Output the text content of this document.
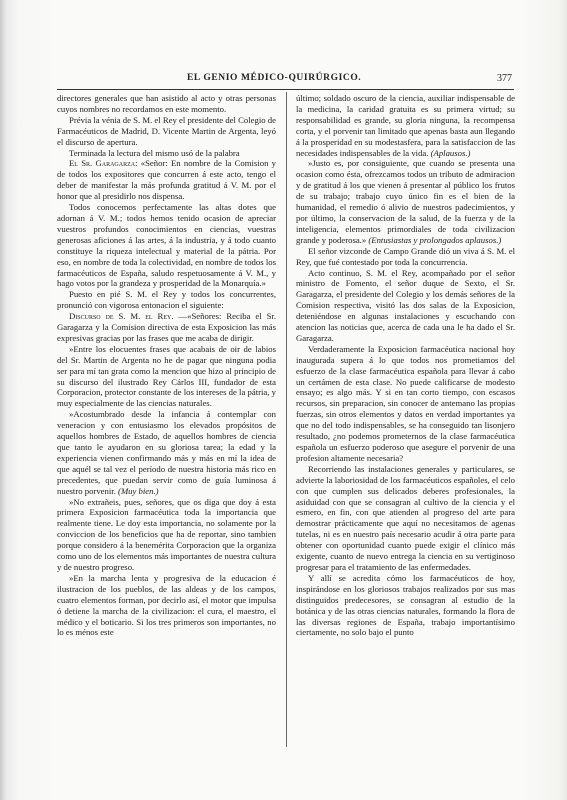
EL GENIO MÉDICO-QUIRÚRGICO.	377

directores generales que han asistido al acto y otras personas cuyos nombres no recordamos en este momento.

Prévia la vénia de S. M. el Rey el presidente del Colegio de Farmacéuticos de Madrid, D. Vicente Martin de Argenta, leyó el discurso de apertura.

Terminada la lectura del mismo usó de la palabra

El Sr. Garagarza: «Señor: En nombre de la Comision y de todos los expositores que concurren á este acto, tengo el deber de manifestar la más profunda gratitud á V. M. por el honor que al presidirlo nos dispensa.

Todos conocemos perfectamente las altas dotes que adornan á V. M.; todos hemos tenido ocasion de apreciar vuestros profundos conocimientos en ciencias, vuestras generosas aficiones á las artes, á la industria, y á todo cuanto constituye la riqueza intelectual y material de la pátria. Por eso, en nombre de toda la colectividad, en nombre de todos los farmacéuticos de España, saludo respetuosamente á V. M., y hago votos por la grandeza y prosperidad de la Monarquía.»

Puesto en pié S. M. el Rey y todos los concurrentes, pronunció con vigorosa entonacion el siguiente:

Discurso de S. M. el Rey. —«Señores: Reciba el Sr. Garagarza y la Comision directiva de esta Exposicion las más expresivas gracias por las frases que me acaba de dirigir.

»Entre los elocuentes frases que acabais de oir de labios del Sr. Martin de Argenta no he de pagar que ninguna podia ser para mí tan grata como la mencion que hizo al principio de su discurso del ilustrado Rey Cárlos III, fundador de esta Corporacion, protector constante de los intereses de la pátria, y muy especialmente de las ciencias naturales.

»Acostumbrado desde la infancia á contemplar con veneracion y con entusiasmo los elevados propósitos de aquellos hombres de Estado, de aquellos hombres de ciencia que tanto le ayudaron en su gloriosa tarea; la edad y la experiencia vienen confirmando más y más en mí la idea de que aquél se tal vez el período de nuestra historia más rico en precedentes, que puedan servir como de guía luminosa á nuestro porvenir. (Muy bien.)

»No extrañeis, pues, señores, que os diga que doy á esta primera Exposicion farmacéutica toda la importancia que realmente tiene. Le doy esta importancia, no solamente por la conviccion de los beneficios que ha de reportar, sino tambien porque considero á la benemérita Corporacion que la organiza como uno de los elementos más importantes de nuestra cultura y de nuestro progreso.

»En la marcha lenta y progresiva de la educacion é ilustracion de los pueblos, de las aldeas y de los campos, cuatro elementos forman, por decirlo así, el motor que impulsa ó detiene la marcha de la civilizacion: el cura, el maestro, el médico y el boticario. Si los tres primeros son importantes, no lo es ménos este

último; soldado oscuro de la ciencia, auxiliar indispensable de la medicina, la caridad gratuita es su primera virtud; su responsabilidad es grande, su gloria ninguna, la recompensa corta, y el porvenir tan limitado que apenas basta aun llegando á la prosperidad en su modestasfera, para la satisfaccion de las necesidades indispensables de la vida. (Aplausos.)

»Justo es, por consiguiente, que cuando se presenta una ocasion como ésta, ofrezcamos todos un tributo de admiracion y de gratitud á los que vienen á presentar al público los frutos de su trabajo; trabajo cuyo único fin es el bien de la humanidad, el remedio ó alivio de nuestros padecimientos, y por último, la conservacion de la salud, de la fuerza y de la inteligencia, elementos primordiales de toda civilizacion grande y poderosa.» (Entusiastas y prolongados aplausos.)

El señor vizconde de Campo Grande dió un viva á S. M. el Rey, que fué contestado por toda la concurrencia.

Acto continuo, S. M. el Rey, acompañado por el señor ministro de Fomento, el señor duque de Sexto, el Sr. Garagarza, el presidente del Colegio y los demás señores de la Comision respectiva, visitó las dos salas de la Exposicion, deteniéndose en algunas instalaciones y escuchando con atencion las noticias que, acerca de cada una le ha dado el Sr. Garagarza.

Verdaderamente la Exposicion farmacéutica nacional hoy inaugurada supera á lo que todos nos prometiamos del esfuerzo de la clase farmacéutica española para llevar á cabo un certámen de esta clase. No puede calificarse de modesto ensayo; es algo más. Y si en tan corto tiempo, con escasos recursos, sin preparacion, sin conocer de antemano las propias fuerzas, sin otros elementos y datos en verdad importantes ya que no del todo indispensables, se ha conseguido tan lisonjero resultado, ¿no podemos prometernos de la clase farmacéutica española un esfuerzo poderoso que asegure el porvenir de una profesion altamente necesaria?

Recorriendo las instalaciones generales y particulares, se advierte la laboriosidad de los farmacéuticos españoles, el celo con que cumplen sus delicados deberes profesionales, la asiduidad con que se consagran al cultivo de la ciencia y el esmero, en fin, con que atienden al progreso del arte para demostrar prácticamente que aquí no necesitamos de agenas tutelas, ni es en nuestro país necesario acudir á otra parte para obtener con oportunidad cuanto puede exigir el clínico más exigente, cuanto de nuevo entrega la ciencia en su vertiginoso progresar para el tratamiento de las enfermedades.

Y allí se acredita cómo los farmacéuticos de hoy, inspirándose en los gloriosos trabajos realizados por sus mas distinguidos predecesores, se consagran al estudio de la botánica y de las otras ciencias naturales, formando la flora de las diversas regiones de España, trabajo importantísimo ciertamente, no solo bajo el punto
